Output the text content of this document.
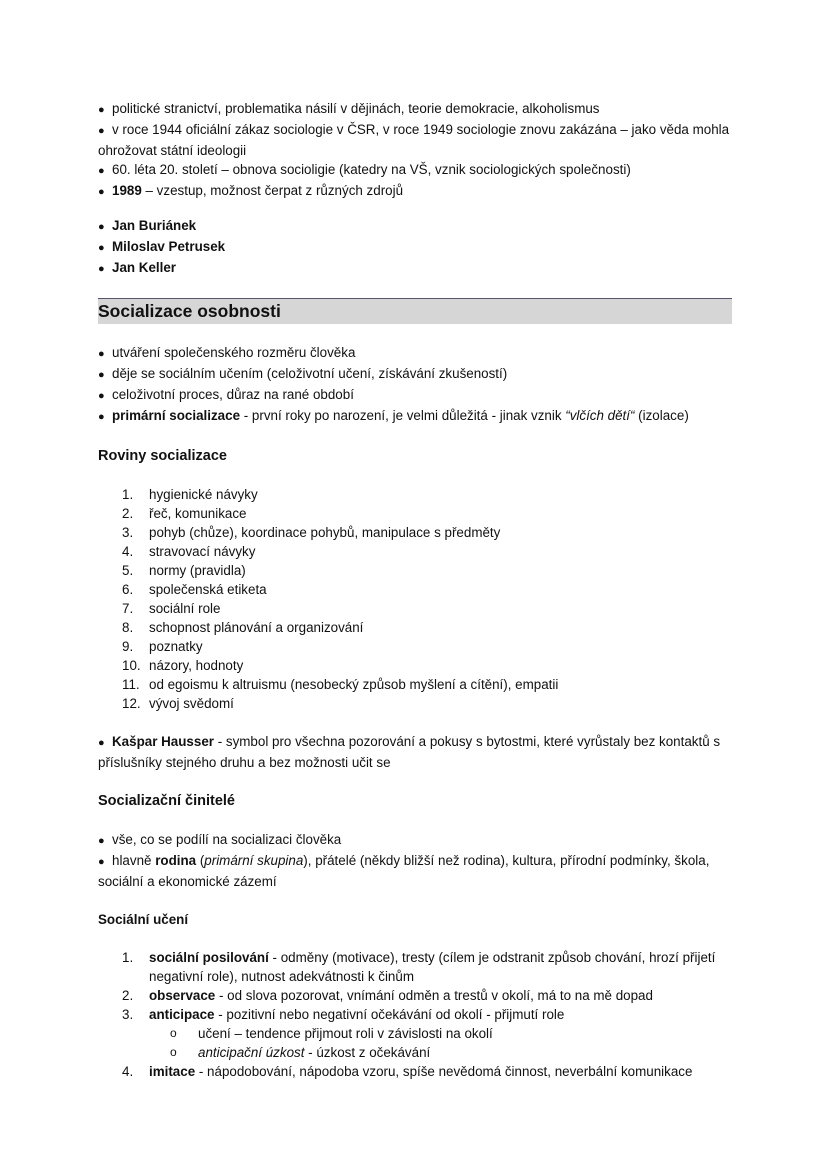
● politické stranictví, problematika násilí v dějinách, teorie demokracie, alkoholismus

● v roce 1944 oficiální zákaz sociologie v ČSR, v roce 1949 sociologie znovu zakázána – jako věda mohla ohrožovat státní ideologii

● 60. léta 20. století – obnova socioligie (katedry na VŠ, vznik sociologických společnosti)

● 1989 – vzestup, možnost čerpat z různých zdrojů

● Jan Buriánek

● Miloslav Petrusek

● Jan Keller

Socializace osobnosti

● utváření společenského rozměru člověka

● děje se sociálním učením (celoživotní učení, získávání zkušeností)

● celoživotní proces, důraz na rané období

● primární socializace - první roky po narození, je velmi důležitá - jinak vznik “vlčích dětí“ (izolace)

Roviny socializace
1. hygienické návyky
2. řeč, komunikace
3. pohyb (chůze), koordinace pohybů, manipulace s předměty
4. stravovací návyky
5. normy (pravidla)
6. společenská etiketa
7. sociální role
8. schopnost plánování a organizování
9. poznatky
10. názory, hodnoty
11. od egoismu k altruismu (nesobecký způsob myšlení a cítění), empatii
12. vývoj svědomí

● Kašpar Hausser - symbol pro všechna pozorování a pokusy s bytostmi, které vyrůstaly bez kontaktů s příslušníky stejného druhu a bez možnosti učit se

Socializační činitelé

● vše, co se podílí na socializaci člověka

● hlavně rodina (primární skupina), přátelé (někdy bližší než rodina), kultura, přírodní podmínky, škola, sociální a ekonomické zázemí

Sociální učení
1. sociální posilování - odměny (motivace), tresty (cílem je odstranit způsob chování, hrozí přijetí negativní role), nutnost adekvátnosti k činům
2. observace - od slova pozorovat, vnímání odměn a trestů v okolí, má to na mě dopad
3. anticipace - pozitivní nebo negativní očekávání od okolí - přijmutí role
o učení – tendence přijmout roli v závislosti na okolí
o anticipační úzkost - úzkost z očekávání
4. imitace - nápodobování, nápodoba vzoru, spíše nevědomá činnost, neverbální komunikace
